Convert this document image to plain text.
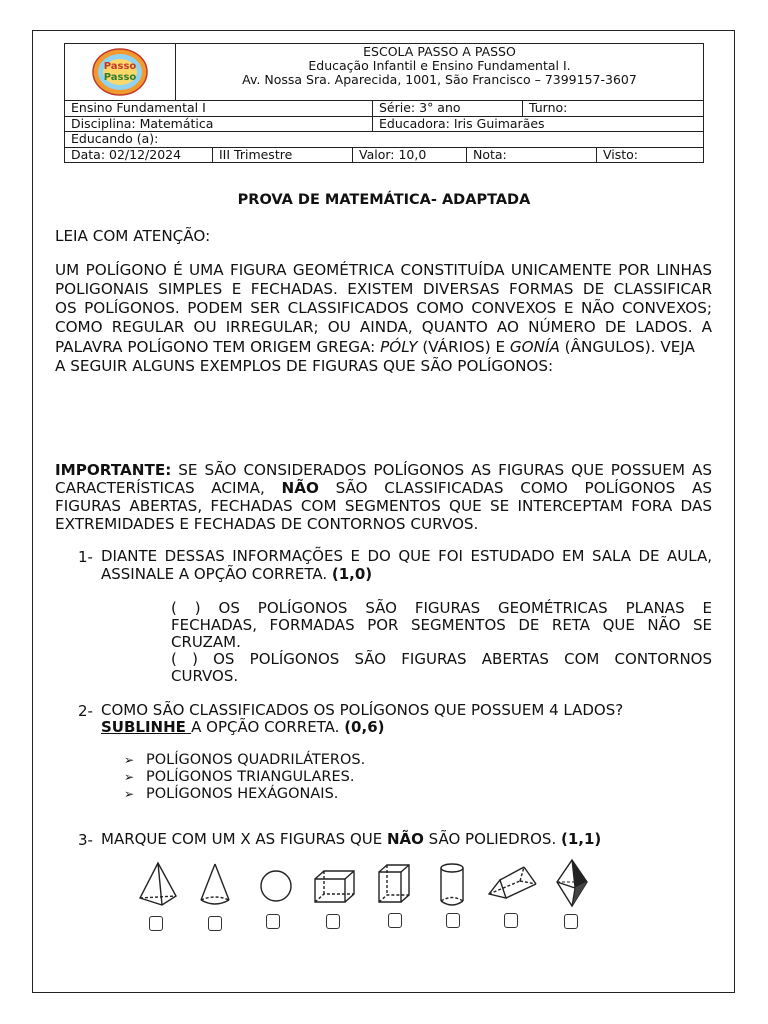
Passo
Passo
ESCOLA PASSO A PASSO
Educação Infantil e Ensino Fundamental I.
Av. Nossa Sra. Aparecida, 1001, São Francisco – 7399157-3607
Ensino Fundamental I	Série: 3° ano	Turno:
Disciplina: Matemática	Educadora: Iris Guimarães
Educando (a):
Data: 02/12/2024	III Trimestre	Valor: 10,0	Nota:	Visto:
PROVA DE MATEMÁTICA- ADAPTADA
LEIA COM ATENÇÃO:
UM POLÍGONO É UMA FIGURA GEOMÉTRICA CONSTITUÍDA UNICAMENTE POR LINHAS
POLIGONAIS SIMPLES E FECHADAS. EXISTEM DIVERSAS FORMAS DE CLASSIFICAR
OS POLÍGONOS. PODEM SER CLASSIFICADOS COMO CONVEXOS E NÃO CONVEXOS;
COMO REGULAR OU IRREGULAR; OU AINDA, QUANTO AO NÚMERO DE LADOS. A
PALAVRA POLÍGONO TEM ORIGEM GREGA: PÓLY (VÁRIOS) E GONÍA (ÂNGULOS). VEJA
A SEGUIR ALGUNS EXEMPLOS DE FIGURAS QUE SÃO POLÍGONOS:
IMPORTANTE: SE SÃO CONSIDERADOS POLÍGONOS AS FIGURAS QUE POSSUEM AS
CARACTERÍSTICAS ACIMA, NÃO SÃO CLASSIFICADAS COMO POLÍGONOS AS
FIGURAS ABERTAS, FECHADAS COM SEGMENTOS QUE SE INTERCEPTAM FORA DAS
EXTREMIDADES E FECHADAS DE CONTORNOS CURVOS.
1- DIANTE DESSAS INFORMAÇÕES E DO QUE FOI ESTUDADO EM SALA DE AULA,
ASSINALE A OPÇÃO CORRETA. (1,0)
( ) OS POLÍGONOS SÃO FIGURAS GEOMÉTRICAS PLANAS E
FECHADAS, FORMADAS POR SEGMENTOS DE RETA QUE NÃO SE
CRUZAM.
( ) OS POLÍGONOS SÃO FIGURAS ABERTAS COM CONTORNOS
CURVOS.
2- COMO SÃO CLASSIFICADOS OS POLÍGONOS QUE POSSUEM 4 LADOS?
SUBLINHE A OPÇÃO CORRETA. (0,6)
➢ POLÍGONOS QUADRILÁTEROS.
➢ POLÍGONOS TRIANGULARES.
➢ POLÍGONOS HEXÁGONAIS.
3- MARQUE COM UM X AS FIGURAS QUE NÃO SÃO POLIEDROS. (1,1)
